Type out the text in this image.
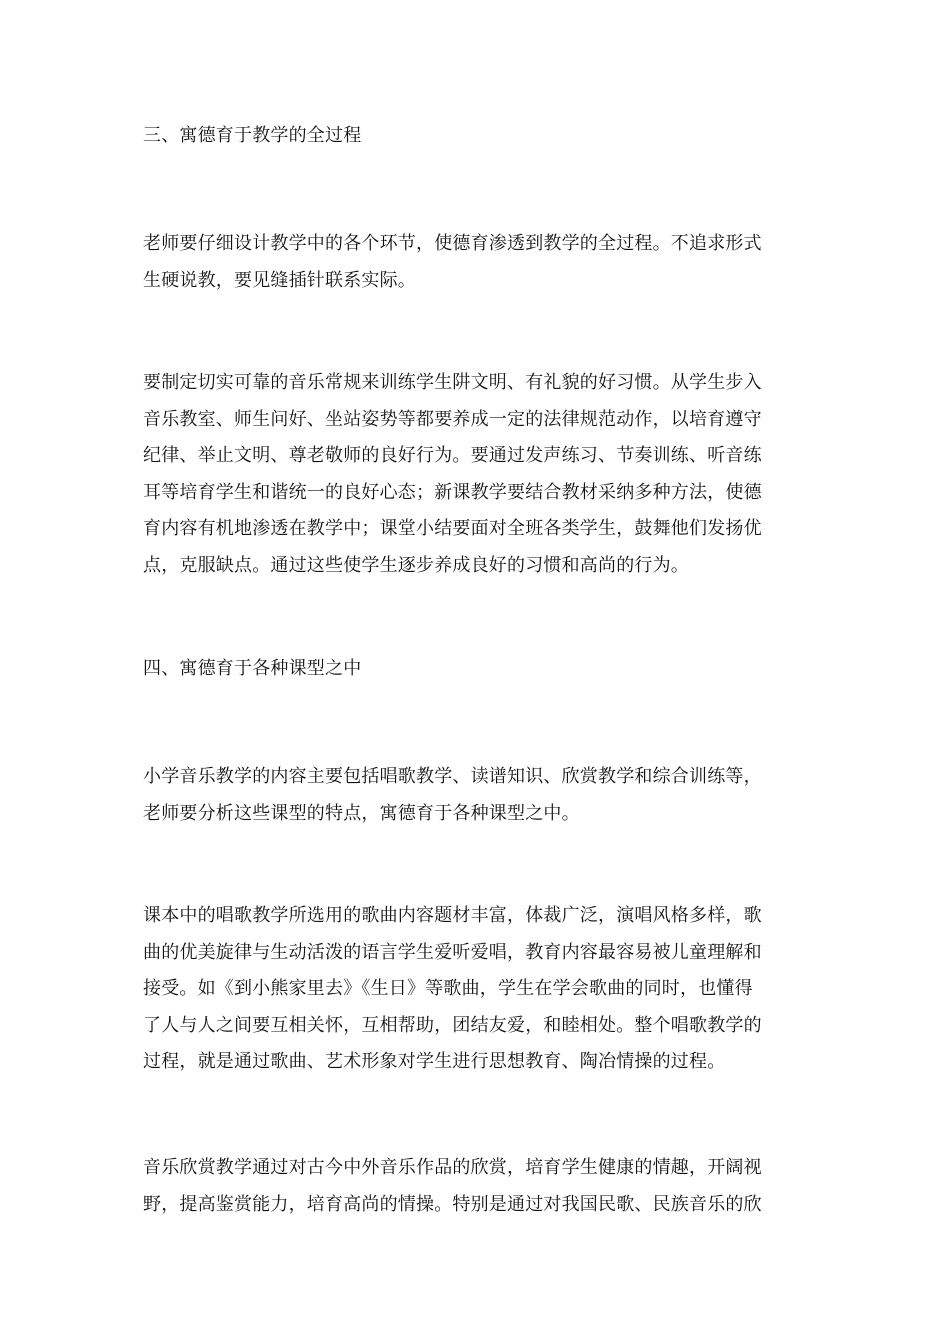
三、寓德育于教学的全过程

老师要仔细设计教学中的各个环节，使德育渗透到教学的全过程。不追求形式
生硬说教，要见缝插针联系实际。

要制定切实可靠的音乐常规来训练学生阱文明、有礼貌的好习惯。从学生步入
音乐教室、师生问好、坐站姿势等都要养成一定的法律规范动作，以培育遵守
纪律、举止文明、尊老敬师的良好行为。要通过发声练习、节奏训练、听音练
耳等培育学生和谐统一的良好心态；新课教学要结合教材采纳多种方法，使德
育内容有机地渗透在教学中；课堂小结要面对全班各类学生，鼓舞他们发扬优
点，克服缺点。通过这些使学生逐步养成良好的习惯和高尚的行为。

四、寓德育于各种课型之中

小学音乐教学的内容主要包括唱歌教学、读谱知识、欣赏教学和综合训练等，
老师要分析这些课型的特点，寓德育于各种课型之中。

课本中的唱歌教学所选用的歌曲内容题材丰富，体裁广泛，演唱风格多样，歌
曲的优美旋律与生动活泼的语言学生爱听爱唱，教育内容最容易被儿童理解和
接受。如《到小熊家里去》《生日》等歌曲，学生在学会歌曲的同时，也懂得
了人与人之间要互相关怀，互相帮助，团结友爱，和睦相处。整个唱歌教学的
过程，就是通过歌曲、艺术形象对学生进行思想教育、陶冶情操的过程。

音乐欣赏教学通过对古今中外音乐作品的欣赏，培育学生健康的情趣，开阔视
野，提高鉴赏能力，培育高尚的情操。特别是通过对我国民歌、民族音乐的欣
